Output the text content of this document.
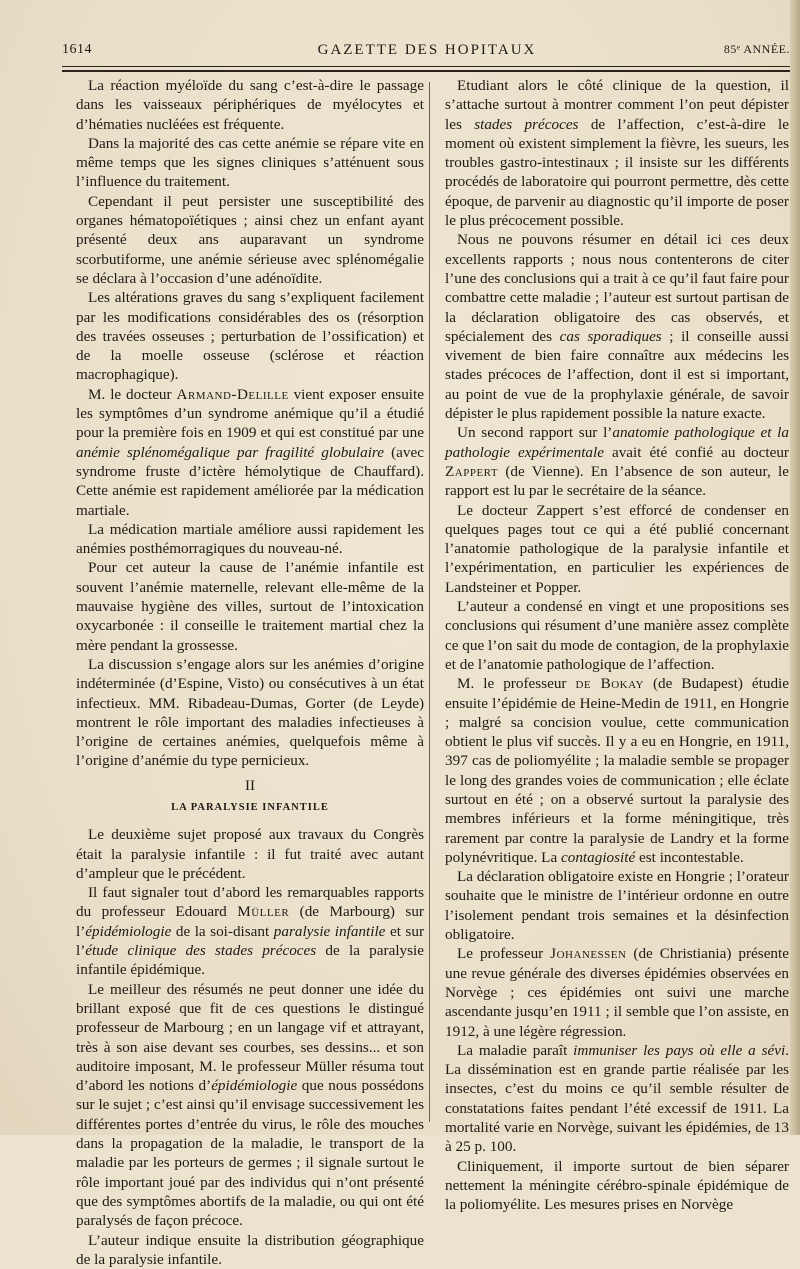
1614	GAZETTE DES HOPITAUX	85ᵉ ANNÉE.

La réaction myéloïde du sang c’est-à-dire le passage dans les vaisseaux périphériques de myélocytes et d’hématies nucléées est fréquente.

Dans la majorité des cas cette anémie se répare vite en même temps que les signes cliniques s’atténuent sous l’influence du traitement.

Cependant il peut persister une susceptibilité des organes hématopoïétiques ; ainsi chez un enfant ayant présenté deux ans auparavant un syndrome scorbutiforme, une anémie sérieuse avec splénomégalie se déclara à l’occasion d’une adénoïdite.

Les altérations graves du sang s’expliquent facilement par les modifications considérables des os (résorption des travées osseuses ; perturbation de l’ossification) et de la moelle osseuse (sclérose et réaction macrophagique).

M. le docteur Armand-Delille vient exposer ensuite les symptômes d’un syndrome anémique qu’il a étudié pour la première fois en 1909 et qui est constitué par une anémie splénomégalique par fragilité globulaire (avec syndrome fruste d’ictère hémolytique de Chauffard). Cette anémie est rapidement améliorée par la médication martiale.

La médication martiale améliore aussi rapidement les anémies posthémorragiques du nouveau-né.

Pour cet auteur la cause de l’anémie infantile est souvent l’anémie maternelle, relevant elle-même de la mauvaise hygiène des villes, surtout de l’intoxication oxycarbonée : il conseille le traitement martial chez la mère pendant la grossesse.

La discussion s’engage alors sur les anémies d’origine indéterminée (d’Espine, Visto) ou consécutives à un état infectieux. MM. Ribadeau-Dumas, Gorter (de Leyde) montrent le rôle important des maladies infectieuses à l’origine de certaines anémies, quelquefois même à l’origine d’anémie du type pernicieux.

II
LA PARALYSIE INFANTILE

Le deuxième sujet proposé aux travaux du Congrès était la paralysie infantile : il fut traité avec autant d’ampleur que le précédent.

Il faut signaler tout d’abord les remarquables rapports du professeur Edouard Müller (de Marbourg) sur l’épidémiologie de la soi-disant paralysie infantile et sur l’étude clinique des stades précoces de la paralysie infantile épidémique.

Le meilleur des résumés ne peut donner une idée du brillant exposé que fit de ces questions le distingué professeur de Marbourg ; en un langage vif et attrayant, très à son aise devant ses courbes, ses dessins... et son auditoire imposant, M. le professeur Müller résuma tout d’abord les notions d’épidémiologie que nous possédons sur le sujet ; c’est ainsi qu’il envisage successivement les différentes portes d’entrée du virus, le rôle des mouches dans la propagation de la maladie, le transport de la maladie par les porteurs de germes ; il signale surtout le rôle important joué par des individus qui n’ont présenté que des symptômes abortifs de la maladie, ou qui ont été paralysés de façon précoce.

L’auteur indique ensuite la distribution géographique de la paralysie infantile.

Etudiant alors le côté clinique de la question, il s’attache surtout à montrer comment l’on peut dépister les stades précoces de l’affection, c’est-à-dire le moment où existent simplement la fièvre, les sueurs, les troubles gastro-intestinaux ; il insiste sur les différents procédés de laboratoire qui pourront permettre, dès cette époque, de parvenir au diagnostic qu’il importe de poser le plus précocement possible.

Nous ne pouvons résumer en détail ici ces deux excellents rapports ; nous nous contenterons de citer l’une des conclusions qui a trait à ce qu’il faut faire pour combattre cette maladie ; l’auteur est surtout partisan de la déclaration obligatoire des cas observés, et spécialement des cas sporadiques ; il conseille aussi vivement de bien faire connaître aux médecins les stades précoces de l’affection, dont il est si important, au point de vue de la prophylaxie générale, de savoir dépister le plus rapidement possible la nature exacte.

Un second rapport sur l’anatomie pathologique et la pathologie expérimentale avait été confié au docteur Zappert (de Vienne). En l’absence de son auteur, le rapport est lu par le secrétaire de la séance.

Le docteur Zappert s’est efforcé de condenser en quelques pages tout ce qui a été publié concernant l’anatomie pathologique de la paralysie infantile et l’expérimentation, en particulier les expériences de Landsteiner et Popper.

L’auteur a condensé en vingt et une propositions ses conclusions qui résument d’une manière assez complète ce que l’on sait du mode de contagion, de la prophylaxie et de l’anatomie pathologique de l’affection.

M. le professeur de Bokay (de Budapest) étudie ensuite l’épidémie de Heine-Medin de 1911, en Hongrie ; malgré sa concision voulue, cette communication obtient le plus vif succès. Il y a eu en Hongrie, en 1911, 397 cas de poliomyélite ; la maladie semble se propager le long des grandes voies de communication ; elle éclate surtout en été ; on a observé surtout la paralysie des membres inférieurs et la forme méningitique, très rarement par contre la paralysie de Landry et la forme polynévritique. La contagiosité est incontestable.

La déclaration obligatoire existe en Hongrie ; l’orateur souhaite que le ministre de l’intérieur ordonne en outre l’isolement pendant trois semaines et la désinfection obligatoire.

Le professeur Johanessen (de Christiania) présente une revue générale des diverses épidémies observées en Norvège ; ces épidémies ont suivi une marche ascendante jusqu’en 1911 ; il semble que l’on assiste, en 1912, à une légère régression.

La maladie paraît immuniser les pays où elle a sévi. La dissémination est en grande partie réalisée par les insectes, c’est du moins ce qu’il semble résulter de constatations faites pendant l’été excessif de 1911. La mortalité varie en Norvège, suivant les épidémies, de 13 à 25 p. 100.

Cliniquement, il importe surtout de bien séparer nettement la méningite cérébro-spinale épidémique de la poliomyélite. Les mesures prises en Norvège
